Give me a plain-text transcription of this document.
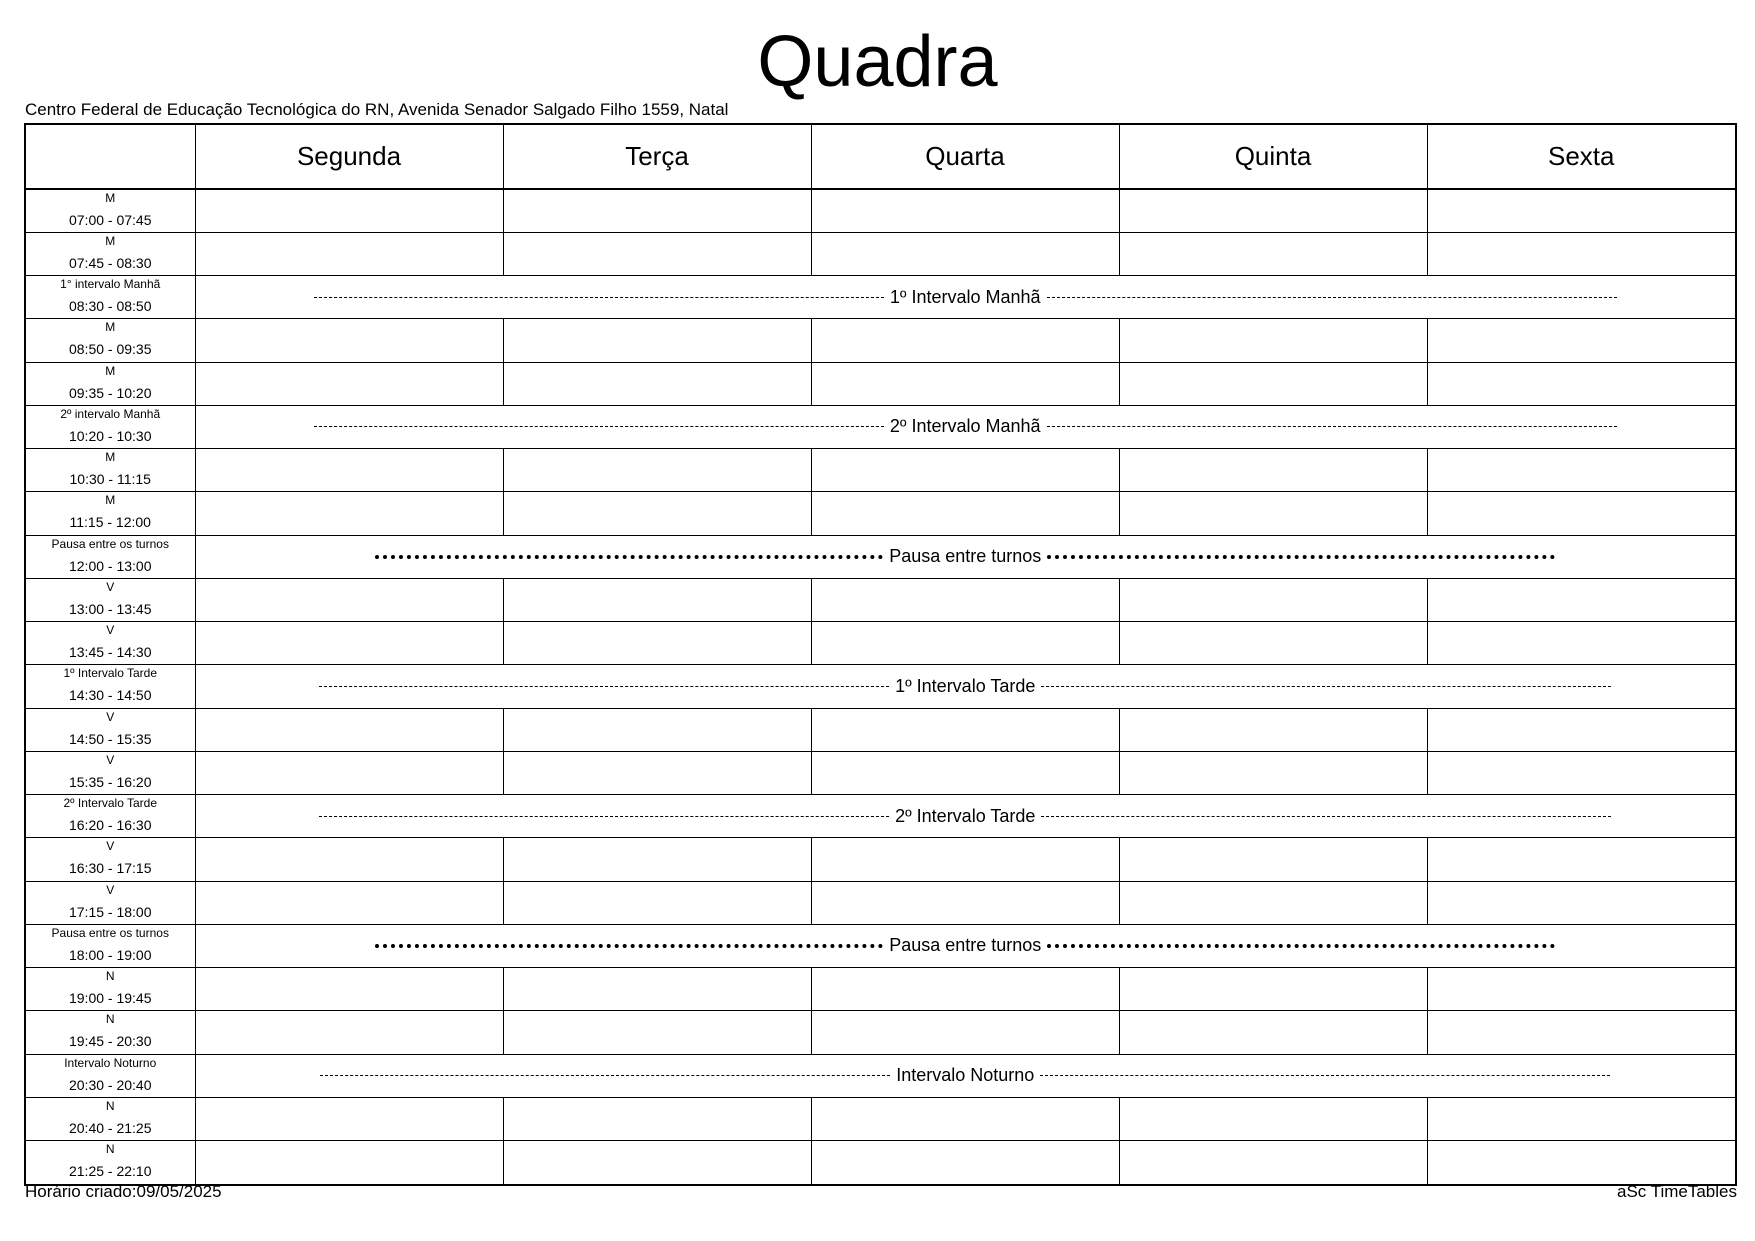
Quadra
Centro Federal de Educação Tecnológica do RN, Avenida Senador Salgado Filho 1559, Natal
	Segunda	Terça	Quarta	Quinta	Sexta

M
07:00 - 07:45					

M
07:45 - 08:30					

1° intervalo Manhã
08:30 - 08:50	1º Intervalo Manhã				

M
08:50 - 09:35					

M
09:35 - 10:20					

2º intervalo Manhã
10:20 - 10:30	2º Intervalo Manhã				

M
10:30 - 11:15					

M
11:15 - 12:00					

Pausa entre os turnos
12:00 - 13:00	Pausa entre turnos				

V
13:00 - 13:45					

V
13:45 - 14:30					

1º Intervalo Tarde
14:30 - 14:50	1º Intervalo Tarde				

V
14:50 - 15:35					

V
15:35 - 16:20					

2º Intervalo Tarde
16:20 - 16:30	2º Intervalo Tarde				

V
16:30 - 17:15					

V
17:15 - 18:00					

Pausa entre os turnos
18:00 - 19:00	Pausa entre turnos				

N
19:00 - 19:45					

N
19:45 - 20:30					

Intervalo Noturno
20:30 - 20:40	Intervalo Noturno				

N
20:40 - 21:25					

N
21:25 - 22:10					

Horário criado:09/05/2025	aSc TimeTables
